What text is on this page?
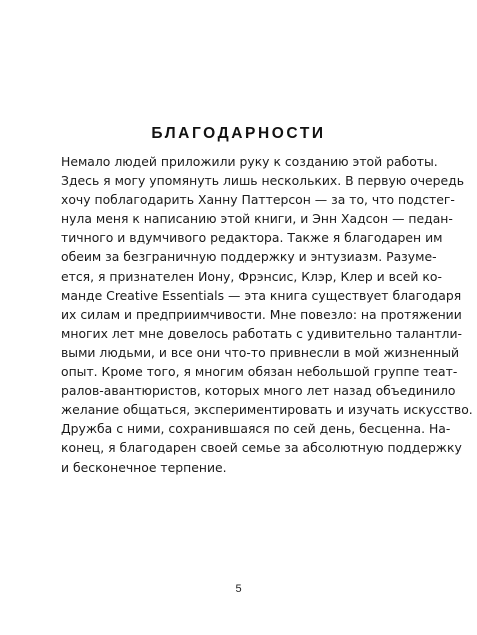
БЛАГОДАРНОСТИ
Немало людей приложили руку к созданию этой работы.
Здесь я могу упомянуть лишь нескольких. В первую очередь
хочу поблагодарить Ханну Паттерсон — за то, что подстег-
нула меня к написанию этой книги, и Энн Хадсон — педан-
тичного и вдумчивого редактора. Также я благодарен им
обеим за безграничную поддержку и энтузиазм. Разуме-
ется, я признателен Иону, Фрэнсис, Клэр, Клер и всей ко-
манде Creative Essentials — эта книга существует благодаря
их силам и предприимчивости. Мне повезло: на протяжении
многих лет мне довелось работать с удивительно талантли-
выми людьми, и все они что-то привнесли в мой жизненный
опыт. Кроме того, я многим обязан небольшой группе теат-
ралов-авантюристов, которых много лет назад объединило
желание общаться, экспериментировать и изучать искусство.
Дружба с ними, сохранившаяся по сей день, бесценна. На-
конец, я благодарен своей семье за абсолютную поддержку
и бесконечное терпение.
5
